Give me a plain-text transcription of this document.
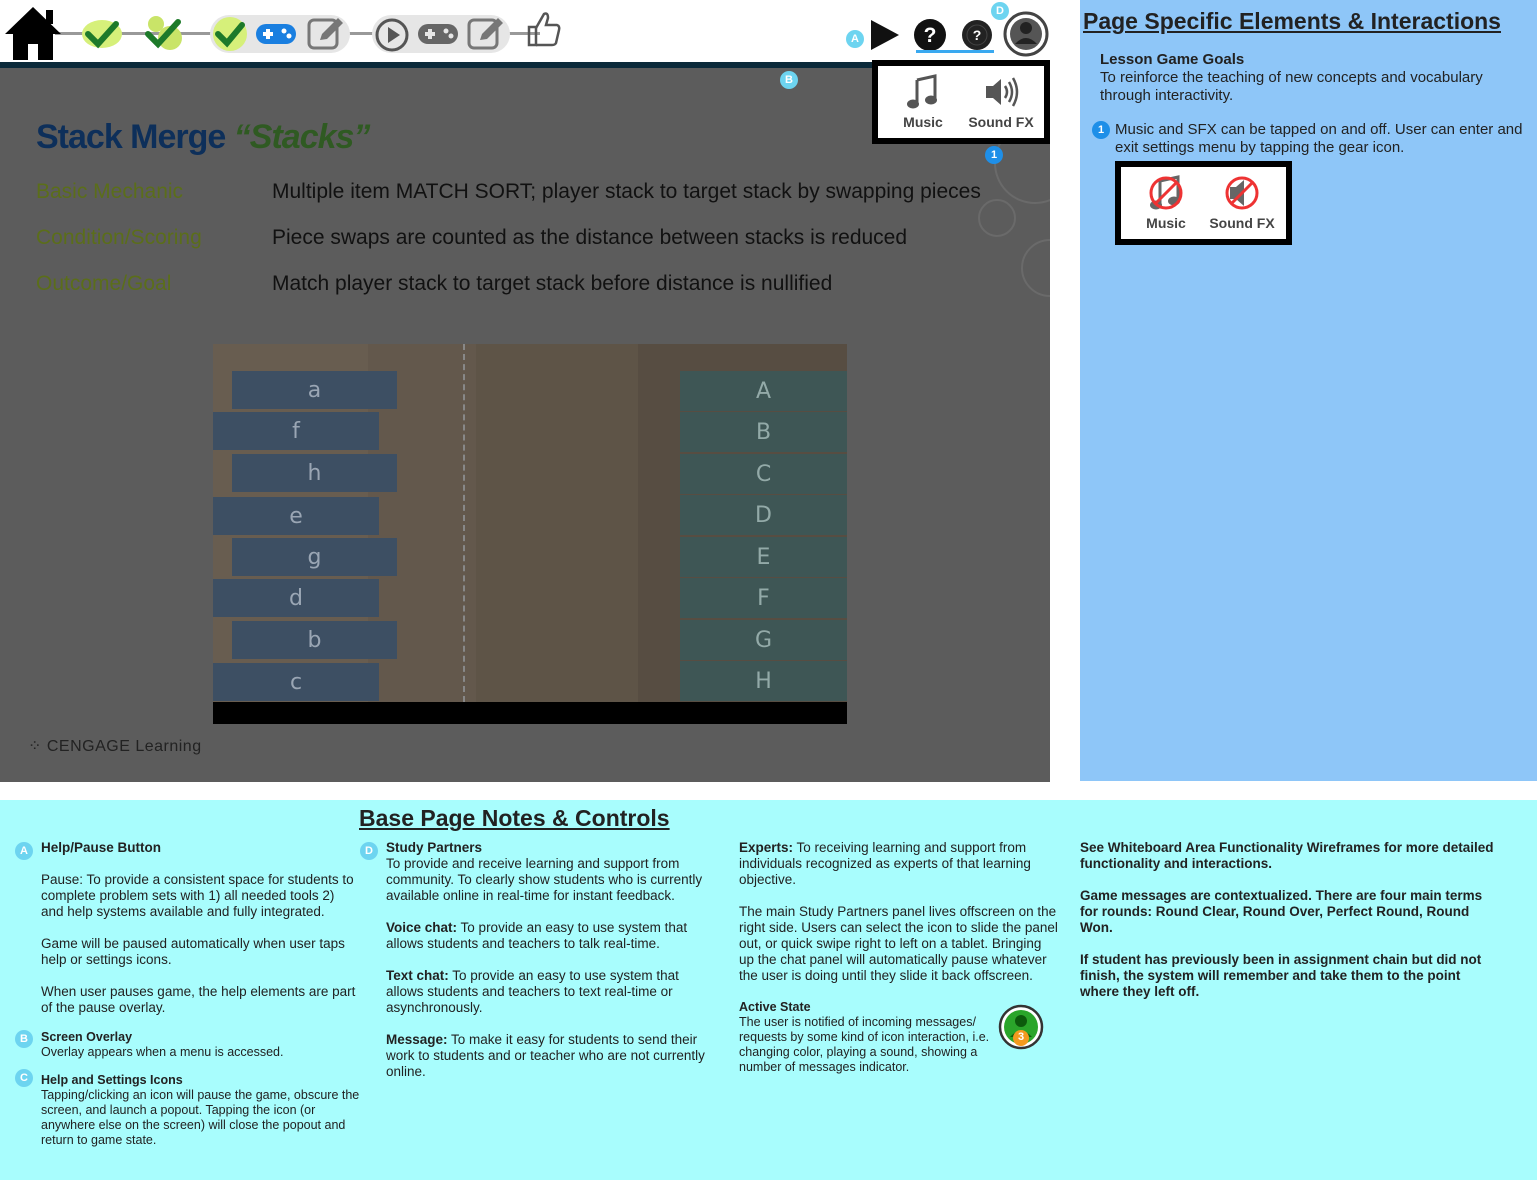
A	?	?
D
B
Stack Merge “Stacks”
Basic Mechanic	Multiple item MATCH SORT; player stack to target stack by swapping pieces
Condition/Scoring	Piece swaps are counted as the distance between stacks is reduced
Outcome/Goal	Match player stack to target stack before distance is nullified
a
f
h
e
g
d
b
c
A
B
C
D
E
F
G
H
⁘ CENGAGE Learning
Music	Sound FX
1
Page Specific Elements & Interactions
Lesson Game Goals
To reinforce the teaching of new concepts and vocabulary through interactivity.
1 Music and SFX can be tapped on and off. User can enter and exit settings menu by tapping the gear icon.
Music	Sound FX
Base Page Notes & Controls
A Help/Pause Button

Pause: To provide a consistent space for students to complete problem sets with 1) all needed tools 2) and help systems available and fully integrated.

Game will be paused automatically when user taps help or settings icons.

When user pauses game, the help elements are part of the pause overlay.

B	Screen Overlay
Overlay appears when a menu is accessed.
C	Help and Settings Icons
Tapping/clicking an icon will pause the game, obscure the screen, and launch a popout. Tapping the icon (or anywhere else on the screen) will close the popout and return to game state.
D Study Partners
To provide and receive learning and support from community. To clearly show students who is currently available online in real-time for instant feedback.

Voice chat: To provide an easy to use system that allows students and teachers to talk real-time.

Text chat: To provide an easy to use system that allows students and teachers to text real-time or asynchronously.

Message: To make it easy for students to send their work to students and or teacher who are not currently online.

Experts: To receiving learning and support from individuals recognized as experts of that learning objective.

The main Study Partners panel lives offscreen on the right side. Users can select the icon to slide the panel out, or quick swipe right to left on a tablet. Bringing up the chat panel will automatically pause whatever the user is doing until they slide it back offscreen.

Active State
The user is notified of incoming messages/ requests by some kind of icon interaction, i.e. changing color, playing a sound, showing a number of messages indicator.
3

See Whiteboard Area Functionality Wireframes for more detailed functionality and interactions.

Game messages are contextualized. There are four main terms for rounds: Round Clear, Round Over, Perfect Round, Round Won.

If student has previously been in assignment chain but did not finish, the system will remember and take them to the point where they left off.
